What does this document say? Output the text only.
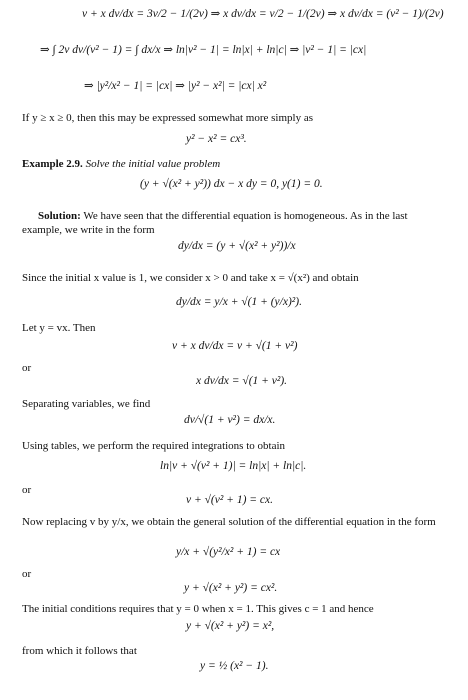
v + x dv/dx = 3v/2 − 1/(2v) ⇒ x dv/dx = v/2 − 1/(2v) ⇒ x dv/dx = (v² − 1)/(2v)
⇒ ∫ 2v dv/(v² − 1) = ∫ dx/x ⇒ ln|v² − 1| = ln|x| + ln|c| ⇒ |v² − 1| = |cx|
⇒ |y²/x² − 1| = |cx| ⇒ |y² − x²| = |cx| x²
If y ≥ x ≥ 0, then this may be expressed somewhat more simply as
y² − x² = cx³.
Example 2.9. Solve the initial value problem
(y + √(x² + y²)) dx − x dy = 0, y(1) = 0.
Solution: We have seen that the differential equation is homogeneous. As in the last
example, we write in the form
dy/dx = (y + √(x² + y²))/x
Since the initial x value is 1, we consider x > 0 and take x = √(x²) and obtain
dy/dx = y/x + √(1 + (y/x)²).
Let y = vx. Then
v + x dv/dx = v + √(1 + v²)
or
x dv/dx = √(1 + v²).
Separating variables, we find
dv/√(1 + v²) = dx/x.
Using tables, we perform the required integrations to obtain
ln|v + √(v² + 1)| = ln|x| + ln|c|.
or
v + √(v² + 1) = cx.
Now replacing v by y/x, we obtain the general solution of the differential equation in the form
y/x + √(y²/x² + 1) = cx
or
y + √(x² + y²) = cx².
The initial conditions requires that y = 0 when x = 1. This gives c = 1 and hence
y + √(x² + y²) = x²,
from which it follows that
y = ½ (x² − 1).
